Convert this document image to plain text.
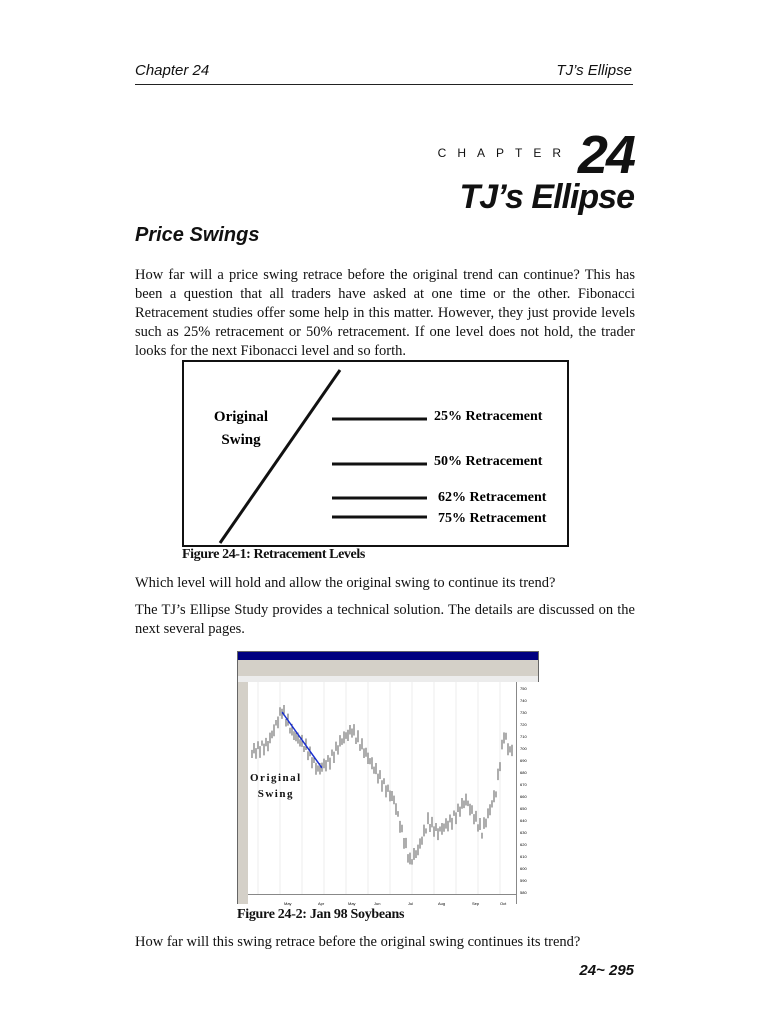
Chapter 24	TJ’s Ellipse
CHAPTER 24
TJ’s Ellipse
Price Swings
How far will a price swing retrace before the original trend can continue? This has been a question that all traders have asked at one time or the other. Fibonacci Retracement studies offer some help in this matter. However, they just provide levels such as 25% retracement or 50% retracement. If one level does not hold, the trader looks for the next Fibonacci level and so forth.
Original
Swing
25% Retracement
50% Retracement
62% Retracement
75% Retracement
Figure 24-1: Retracement Levels
Which level will hold and allow the original swing to continue its trend?
The TJ’s Ellipse Study provides a technical solution. The details are discussed on the next several pages.
Original
Swing
750
740
730
720
710
700
690
680
670
660
650
640
630
620
610
600
590
580
May	Apr	May	Jun	Jul	Aug	Sep	Oct
Figure 24-2: Jan 98 Soybeans
How far will this swing retrace before the original swing continues its trend?
24~ 295
